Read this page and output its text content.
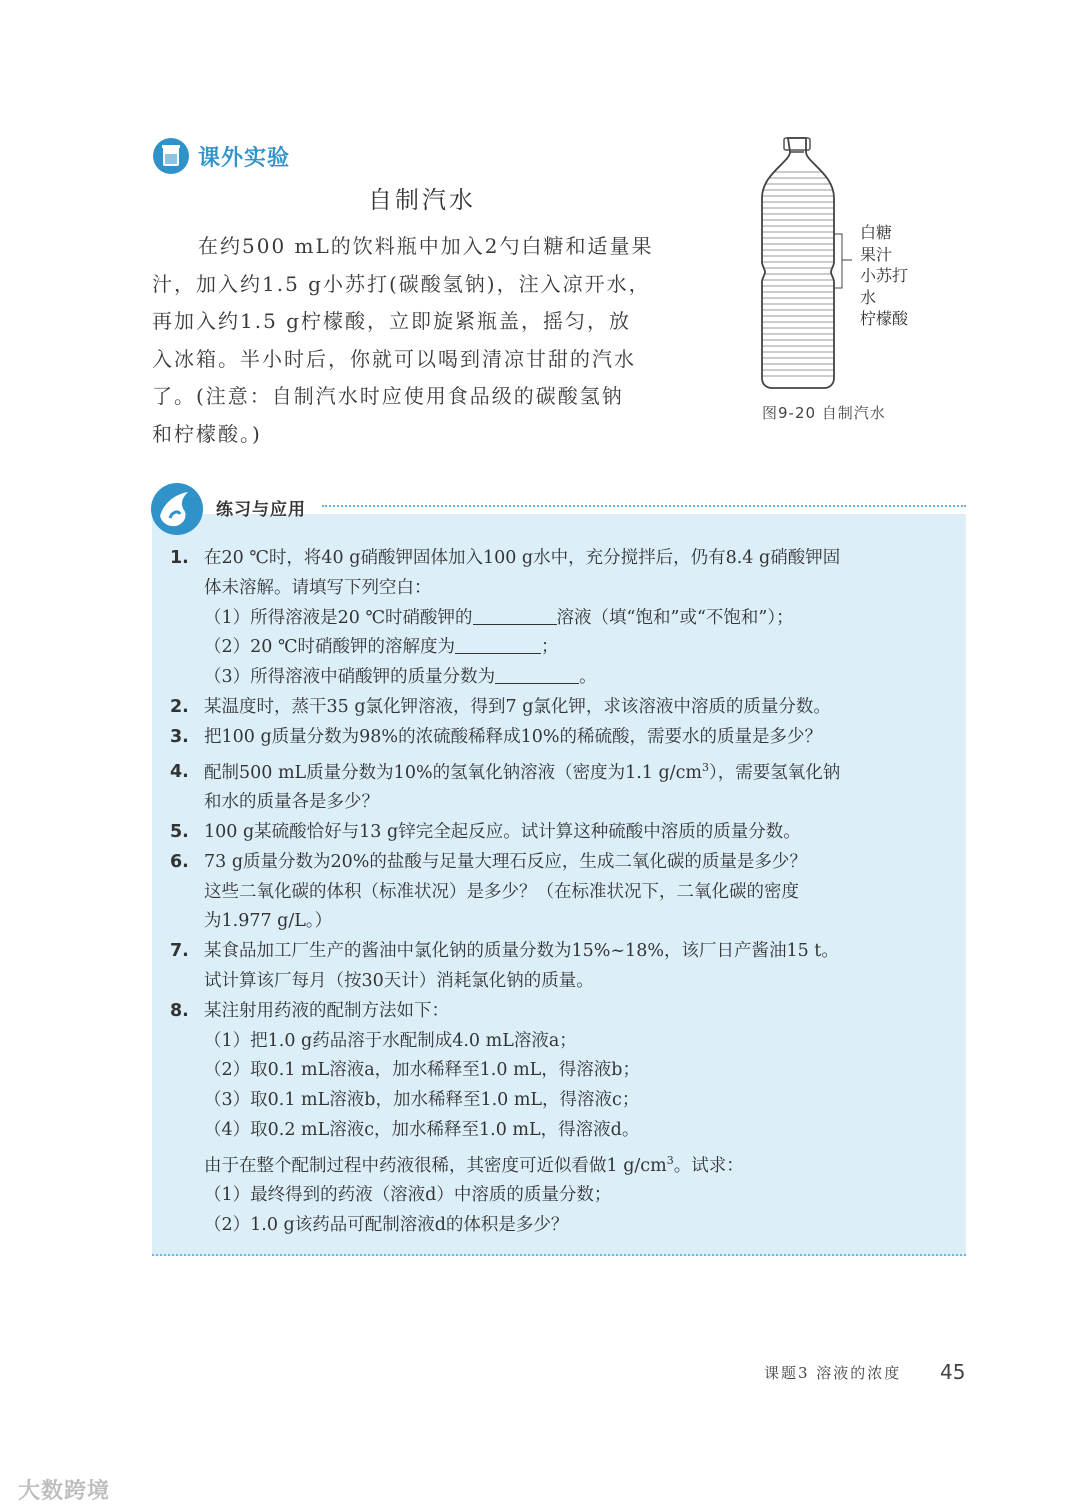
课外实验
自制汽水
在约500 mL的饮料瓶中加入2勺白糖和适量果
汁，加入约1.5 g小苏打(碳酸氢钠)，注入凉开水，
再加入约1.5 g柠檬酸，立即旋紧瓶盖，摇匀，放
入冰箱。半小时后，你就可以喝到清凉甘甜的汽水
了。(注意：自制汽水时应使用食品级的碳酸氢钠
和柠檬酸。)
白糖
果汁
小苏打
水
柠檬酸
图9-20 自制汽水
练习与应用
1. 在20 ℃时，将40 g硝酸钾固体加入100 g水中，充分搅拌后，仍有8.4 g硝酸钾固
体未溶解。请填写下列空白：
（1）所得溶液是20 ℃时硝酸钾的	溶液（填“饱和”或“不饱和”）；
（2）20 ℃时硝酸钾的溶解度为	；
（3）所得溶液中硝酸钾的质量分数为	。
2. 某温度时，蒸干35 g氯化钾溶液，得到7 g氯化钾，求该溶液中溶质的质量分数。
3. 把100 g质量分数为98%的浓硫酸稀释成10%的稀硫酸，需要水的质量是多少？
4. 配制500 mL质量分数为10%的氢氧化钠溶液（密度为1.1 $g/cm^3$），需要氢氧化钠
和水的质量各是多少？
5. 100 g某硫酸恰好与13 g锌完全起反应。试计算这种硫酸中溶质的质量分数。
6. 73 g质量分数为20%的盐酸与足量大理石反应，生成二氧化碳的质量是多少？
这些二氧化碳的体积（标准状况）是多少？（在标准状况下，二氧化碳的密度
为1.977 g/L。）
7. 某食品加工厂生产的酱油中氯化钠的质量分数为15%~18%，该厂日产酱油15 t。
试计算该厂每月（按30天计）消耗氯化钠的质量。
8. 某注射用药液的配制方法如下：
（1）把1.0 g药品溶于水配制成4.0 mL溶液a；
（2）取0.1 mL溶液a，加水稀释至1.0 mL，得溶液b；
（3）取0.1 mL溶液b，加水稀释至1.0 mL，得溶液c；
（4）取0.2 mL溶液c，加水稀释至1.0 mL，得溶液d。
由于在整个配制过程中药液很稀，其密度可近似看做1 $g/cm^3$。试求：
（1）最终得到的药液（溶液d）中溶质的质量分数；
（2）1.0 g该药品可配制溶液d的体积是多少？
课题3 溶液的浓度 45
大数跨境
